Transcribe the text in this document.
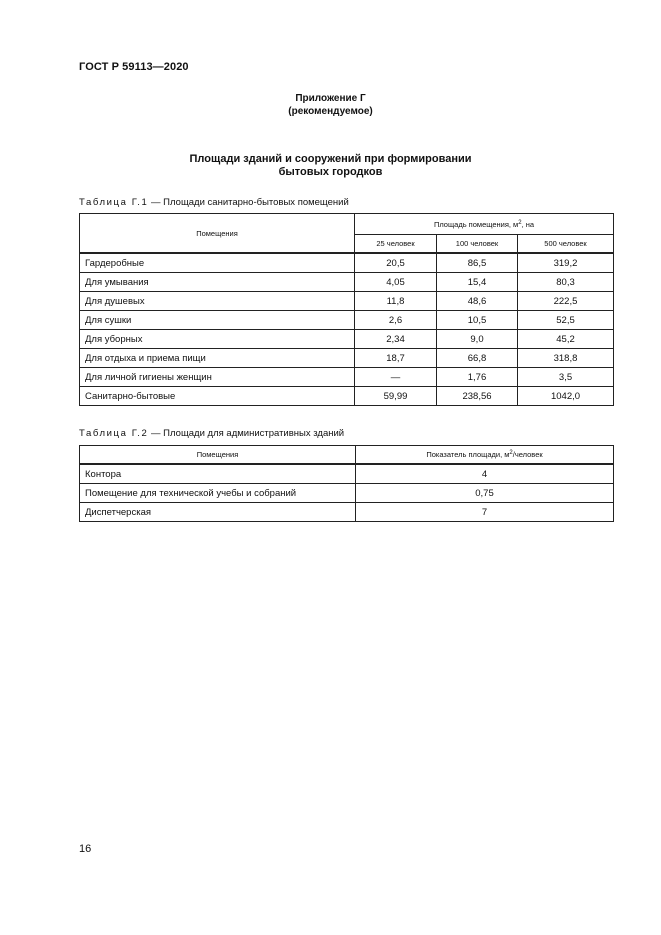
ГОСТ Р 59113—2020
Приложение Г
(рекомендуемое)
Площади зданий и сооружений при формировании
бытовых городков
Таблица Г.1 — Площади санитарно-бытовых помещений
Помещения	Площадь помещения, $м^2$, на		
	25 человек	100 человек	500 человек
Гардеробные	20,5	86,5	319,2
Для умывания	4,05	15,4	80,3
Для душевых	11,8	48,6	222,5
Для сушки	2,6	10,5	52,5
Для уборных	2,34	9,0	45,2
Для отдыха и приема пищи	18,7	66,8	318,8
Для личной гигиены женщин	—	1,76	3,5
Санитарно-бытовые	59,99	238,56	1042,0
Таблица Г.2 — Площади для административных зданий
Помещения	Показатель площади, $м^2$/человек
Контора	4
Помещение для технической учебы и собраний	0,75
Диспетчерская	7
16
